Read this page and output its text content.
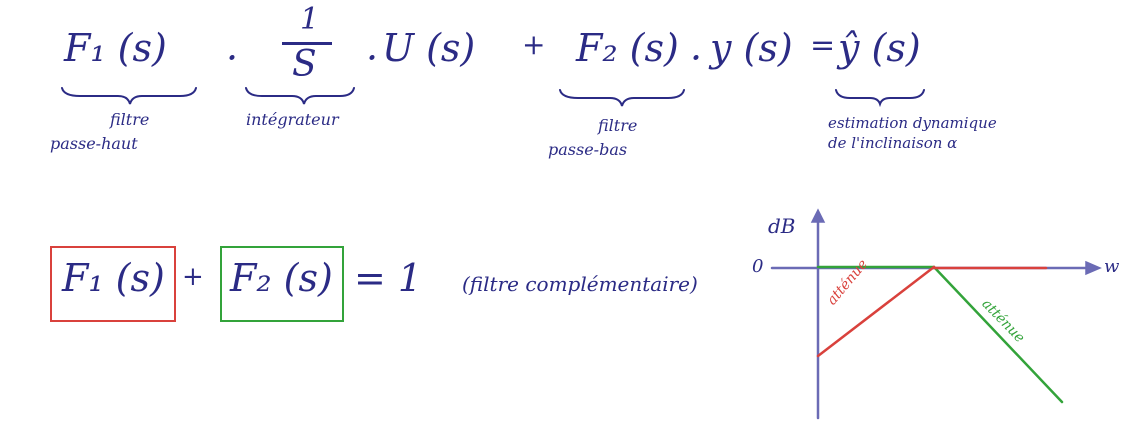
F₁ (s) ·
1
S · U (s) + F₂ (s) · y (s) = ŷ (s)
filtre
passe-haut
intégrateur	filtre
passe-bas
estimation dynamique
de l'inclinaison α
F₁ (s) + F₂ (s) = 1 (filtre complémentaire)
dB
0	w
atténue
atténue
